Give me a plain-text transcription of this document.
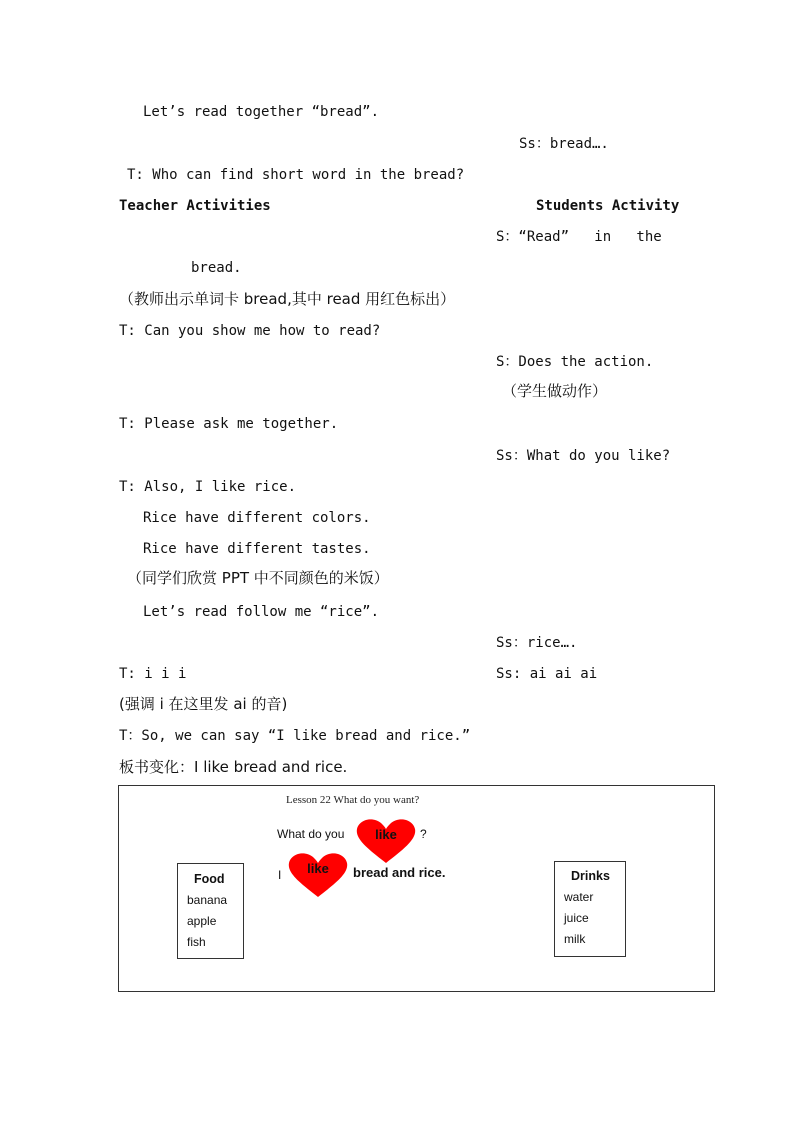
Let’s read together “bread”.
Ss：bread….
T: Who can find short word in the bread?
Teacher Activities	Students Activity
S：“Read”   in   the
bread.
（教师出示单词卡 bread,其中 read 用红色标出）
T: Can you show me how to read?
S：Does the action.
（学生做动作）
T: Please ask me together.
Ss：What do you like?
T: Also, I like rice.
Rice have different colors.
Rice have different tastes.
（同学们欣赏 PPT 中不同颜色的米饭）
Let’s read follow me “rice”.
Ss：rice….
T: i i i	Ss: ai ai ai
(强调 i 在这里发 ai 的音)
T：So, we can say “I like bread and rice.”
板书变化：I like bread and rice.
Lesson 22 What do you want?
What do you	like	?
I	like	bread and rice.
Food
banana
apple
fish
Drinks
water
juice
milk
